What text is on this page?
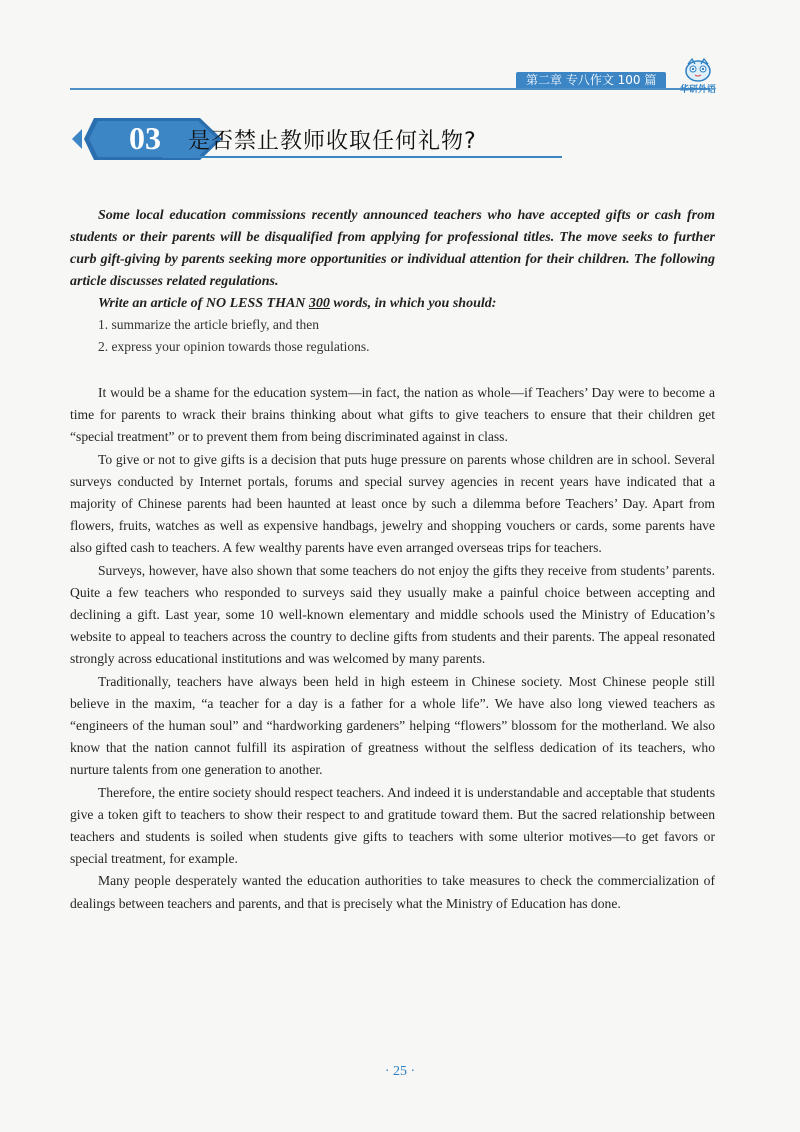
第二章 专八作文 100 篇
华研外语
03	是否禁止教师收取任何礼物?

Some local education commissions recently announced teachers who have accepted gifts or cash from students or their parents will be disqualified from applying for professional titles. The move seeks to further curb gift-giving by parents seeking more opportunities or individual attention for their children. The following article discusses related regulations.

Write an article of NO LESS THAN 300 words, in which you should:

1. summarize the article briefly, and then
2. express your opinion towards those regulations.

It would be a shame for the education system—in fact, the nation as whole—if Teachers’ Day were to become a time for parents to wrack their brains thinking about what gifts to give teachers to ensure that their children get “special treatment” or to prevent them from being discriminated against in class.

To give or not to give gifts is a decision that puts huge pressure on parents whose children are in school. Several surveys conducted by Internet portals, forums and special survey agencies in recent years have indicated that a majority of Chinese parents had been haunted at least once by such a dilemma before Teachers’ Day. Apart from flowers, fruits, watches as well as expensive handbags, jewelry and shopping vouchers or cards, some parents have also gifted cash to teachers. A few wealthy parents have even arranged overseas trips for teachers.

Surveys, however, have also shown that some teachers do not enjoy the gifts they receive from students’ parents. Quite a few teachers who responded to surveys said they usually make a painful choice between accepting and declining a gift. Last year, some 10 well-known elementary and middle schools used the Ministry of Education’s website to appeal to teachers across the country to decline gifts from students and their parents. The appeal resonated strongly across educational institutions and was welcomed by many parents.

Traditionally, teachers have always been held in high esteem in Chinese society. Most Chinese people still believe in the maxim, “a teacher for a day is a father for a whole life”. We have also long viewed teachers as “engineers of the human soul” and “hardworking gardeners” helping “flowers” blossom for the motherland. We also know that the nation cannot fulfill its aspiration of greatness without the selfless dedication of its teachers, who nurture talents from one generation to another.

Therefore, the entire society should respect teachers. And indeed it is understandable and acceptable that students give a token gift to teachers to show their respect to and gratitude toward them. But the sacred relationship between teachers and students is soiled when students give gifts to teachers with some ulterior motives—to get favors or special treatment, for example.

Many people desperately wanted the education authorities to take measures to check the commercialization of dealings between teachers and parents, and that is precisely what the Ministry of Education has done.

· 25 ·
